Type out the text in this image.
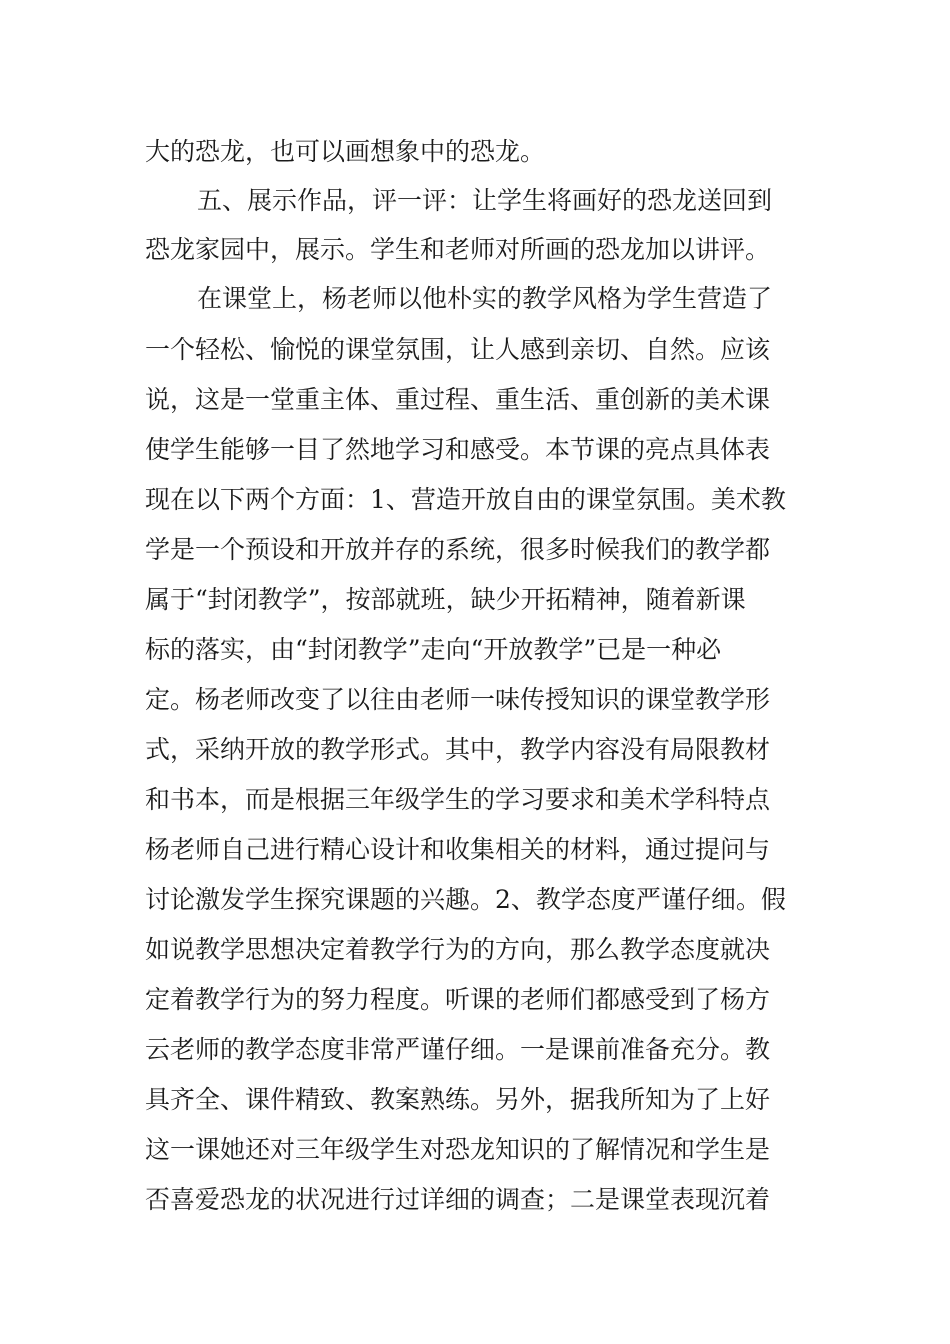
大的恐龙，也可以画想象中的恐龙。

五、展示作品，评一评：让学生将画好的恐龙送回到

恐龙家园中，展示。学生和老师对所画的恐龙加以讲评。

在课堂上，杨老师以他朴实的教学风格为学生营造了

一个轻松、愉悦的课堂氛围，让人感到亲切、自然。应该

说，这是一堂重主体、重过程、重生活、重创新的美术课

使学生能够一目了然地学习和感受。本节课的亮点具体表

现在以下两个方面：1、营造开放自由的课堂氛围。美术教

学是一个预设和开放并存的系统，很多时候我们的教学都

属于“封闭教学”，按部就班，缺少开拓精神，随着新课

标的落实，由“封闭教学”走向“开放教学”已是一种必

定。杨老师改变了以往由老师一味传授知识的课堂教学形

式，采纳开放的教学形式。其中，教学内容没有局限教材

和书本，而是根据三年级学生的学习要求和美术学科特点

杨老师自己进行精心设计和收集相关的材料，通过提问与

讨论激发学生探究课题的兴趣。2、教学态度严谨仔细。假

如说教学思想决定着教学行为的方向，那么教学态度就决

定着教学行为的努力程度。听课的老师们都感受到了杨方

云老师的教学态度非常严谨仔细。一是课前准备充分。教

具齐全、课件精致、教案熟练。另外，据我所知为了上好

这一课她还对三年级学生对恐龙知识的了解情况和学生是

否喜爱恐龙的状况进行过详细的调查；二是课堂表现沉着
